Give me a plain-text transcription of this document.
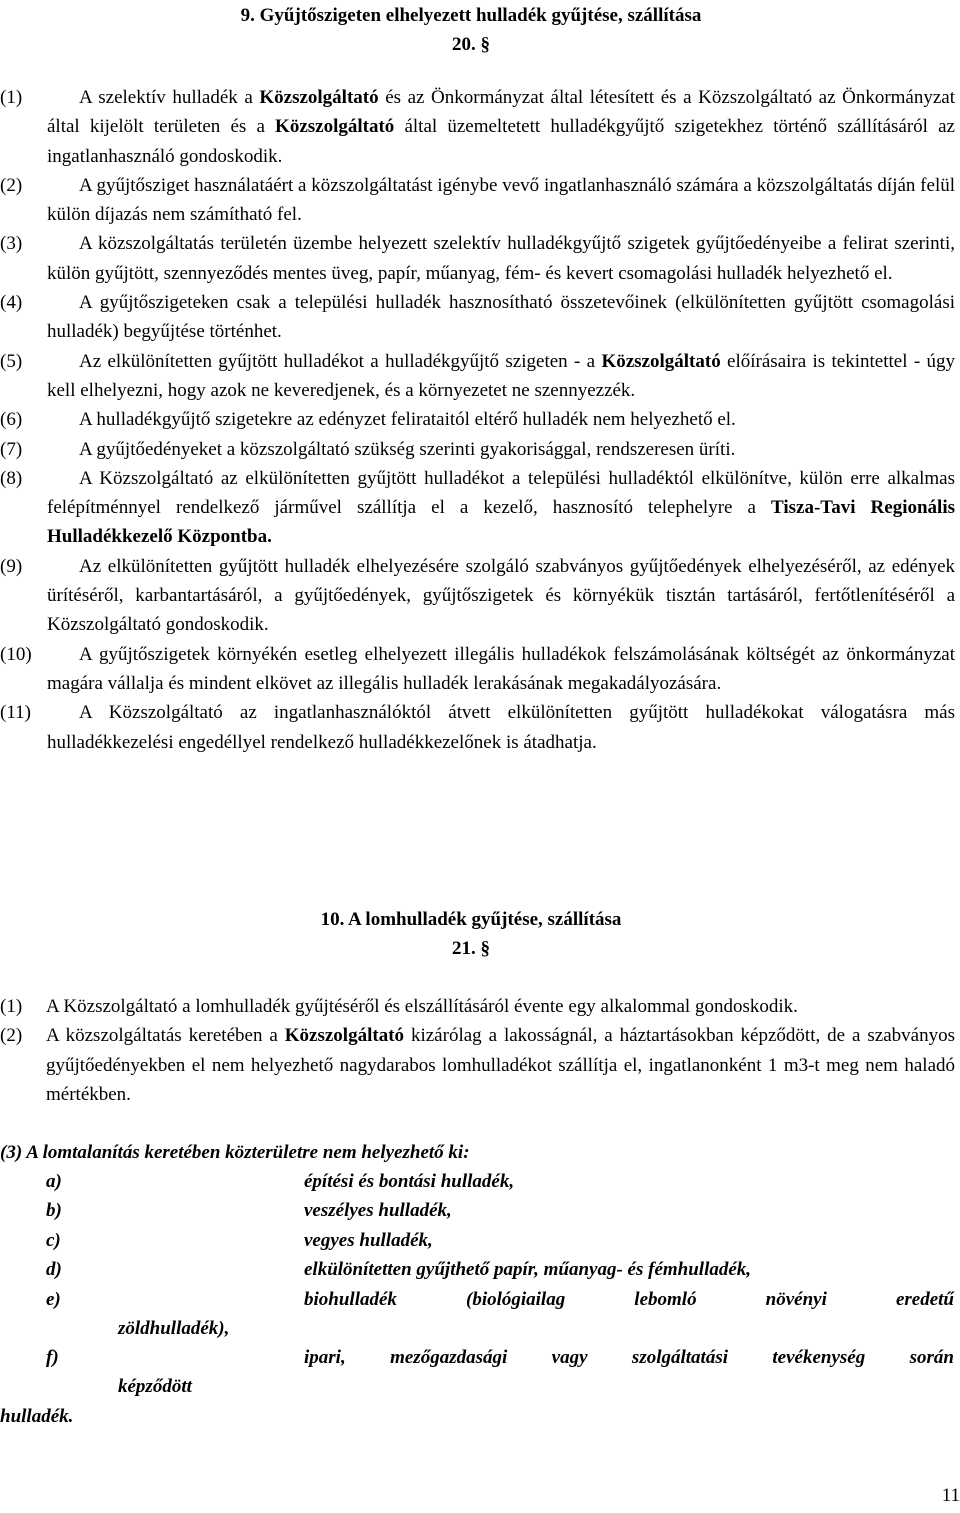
9. Gyűjtőszigeten elhelyezett hulladék gyűjtése, szállítása

20. §

(1)	A szelektív hulladék a Közszolgáltató és az Önkormányzat által létesített és a Közszolgáltató az Önkormányzat által kijelölt területen és a Közszolgáltató által üzemeltetett hulladékgyűjtő szigetekhez történő szállításáról az ingatlanhasználó gondoskodik.
(2)	A gyűjtősziget használatáért a közszolgáltatást igénybe vevő ingatlanhasználó számára a közszolgáltatás díján felül külön díjazás nem számítható fel.
(3)	A közszolgáltatás területén üzembe helyezett szelektív hulladékgyűjtő szigetek gyűjtőedényeibe a felirat szerinti, külön gyűjtött, szennyeződés mentes üveg, papír, műanyag, fém- és kevert csomagolási hulladék helyezhető el.
(4)	A gyűjtőszigeteken csak a települési hulladék hasznosítható összetevőinek (elkülönítetten gyűjtött csomagolási hulladék) begyűjtése történhet.
(5)	Az elkülönítetten gyűjtött hulladékot a hulladékgyűjtő szigeten - a Közszolgáltató előírásaira is tekintettel - úgy kell elhelyezni, hogy azok ne keveredjenek, és a környezetet ne szennyezzék.
(6)	A hulladékgyűjtő szigetekre az edényzet felirataitól eltérő hulladék nem helyezhető el.
(7)	A gyűjtőedényeket a közszolgáltató szükség szerinti gyakorisággal, rendszeresen üríti.
(8)	A Közszolgáltató az elkülönítetten gyűjtött hulladékot a települési hulladéktól elkülönítve, külön erre alkalmas felépítménnyel rendelkező járművel szállítja el a kezelő, hasznosító telephelyre a Tisza-Tavi Regionális Hulladékkezelő Központba.
(9)	Az elkülönítetten gyűjtött hulladék elhelyezésére szolgáló szabványos gyűjtőedények elhelyezéséről, az edények ürítéséről, karbantartásáról, a gyűjtőedények, gyűjtőszigetek és környékük tisztán tartásáról, fertőtlenítéséről a Közszolgáltató gondoskodik.
(10)	A gyűjtőszigetek környékén esetleg elhelyezett illegális hulladékok felszámolásának költségét az önkormányzat magára vállalja és mindent elkövet az illegális hulladék lerakásának megakadályozására.
(11)	A Közszolgáltató az ingatlanhasználóktól átvett elkülönítetten gyűjtött hulladékokat válogatásra más hulladékkezelési engedéllyel rendelkező hulladékkezelőnek is átadhatja.

10. A lomhulladék gyűjtése, szállítása

21. §

(1)	A Közszolgáltató a lomhulladék gyűjtéséről és elszállításáról évente egy alkalommal gondoskodik.
(2)	A közszolgáltatás keretében a Közszolgáltató kizárólag a lakosságnál, a háztartásokban képződött, de a szabványos gyűjtőedényekben el nem helyezhető nagydarabos lomhulladékot szállítja el, ingatlanonként 1 m3-t meg nem haladó mértékben.
(3) A lomtalanítás keretében közterületre nem helyezhető ki:
a)	építési és bontási hulladék,
b)	veszélyes hulladék,
c)	vegyes hulladék,
d)	elkülönítetten gyűjthető papír, műanyag- és fémhulladék,
e)	biohulladék (biológiailag lebomló növényi eredetű
zöldhulladék),
f)	ipari, mezőgazdasági vagy szolgáltatási tevékenység során
képződött
hulladék.
11
